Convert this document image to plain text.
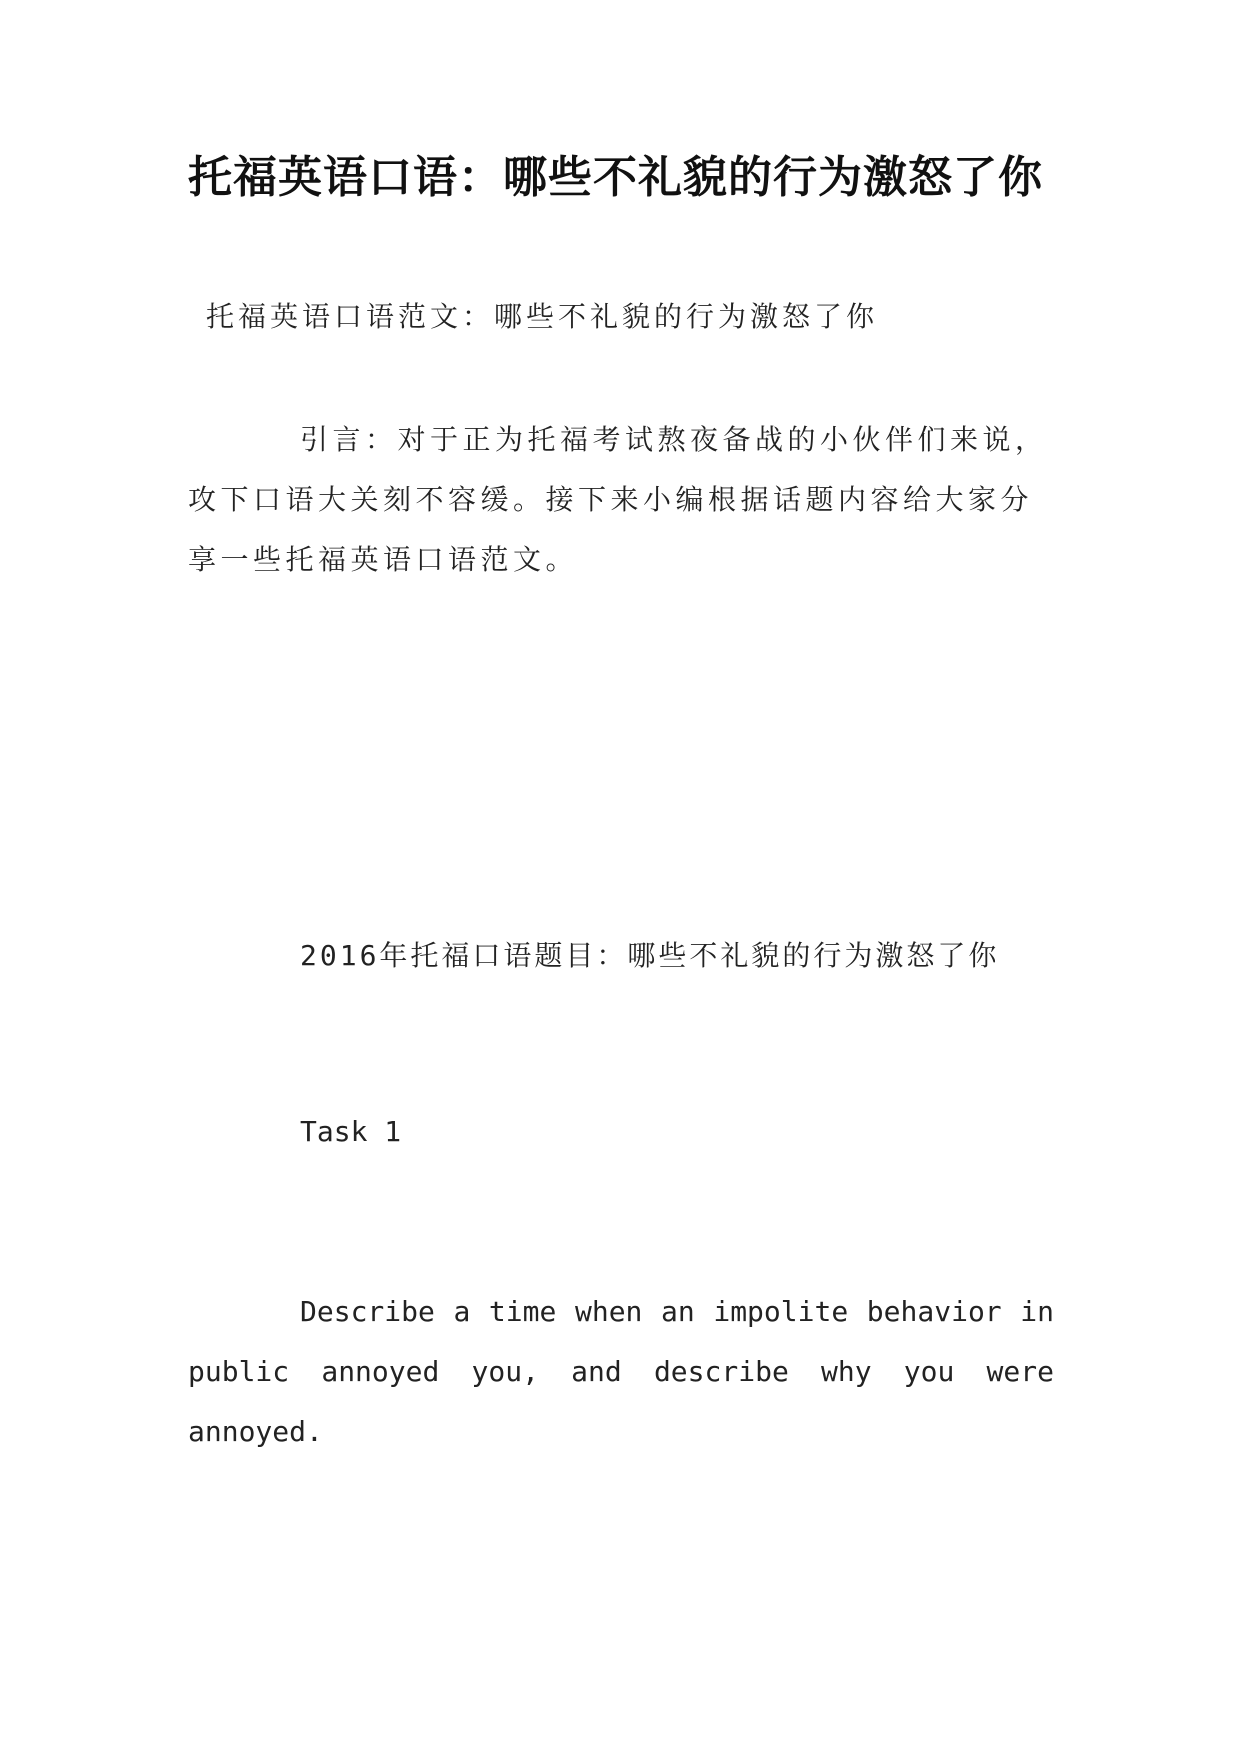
托福英语口语：哪些不礼貌的行为激怒了你
托福英语口语范文：哪些不礼貌的行为激怒了你
引言：对于正为托福考试熬夜备战的小伙伴们来说，攻下口语大关刻不容缓。接下来小编根据话题内容给大家分享一些托福英语口语范文。
2016年托福口语题目：哪些不礼貌的行为激怒了你
Task 1
Describe a time when an impolite behavior in public annoyed you, and describe why you were annoyed.
